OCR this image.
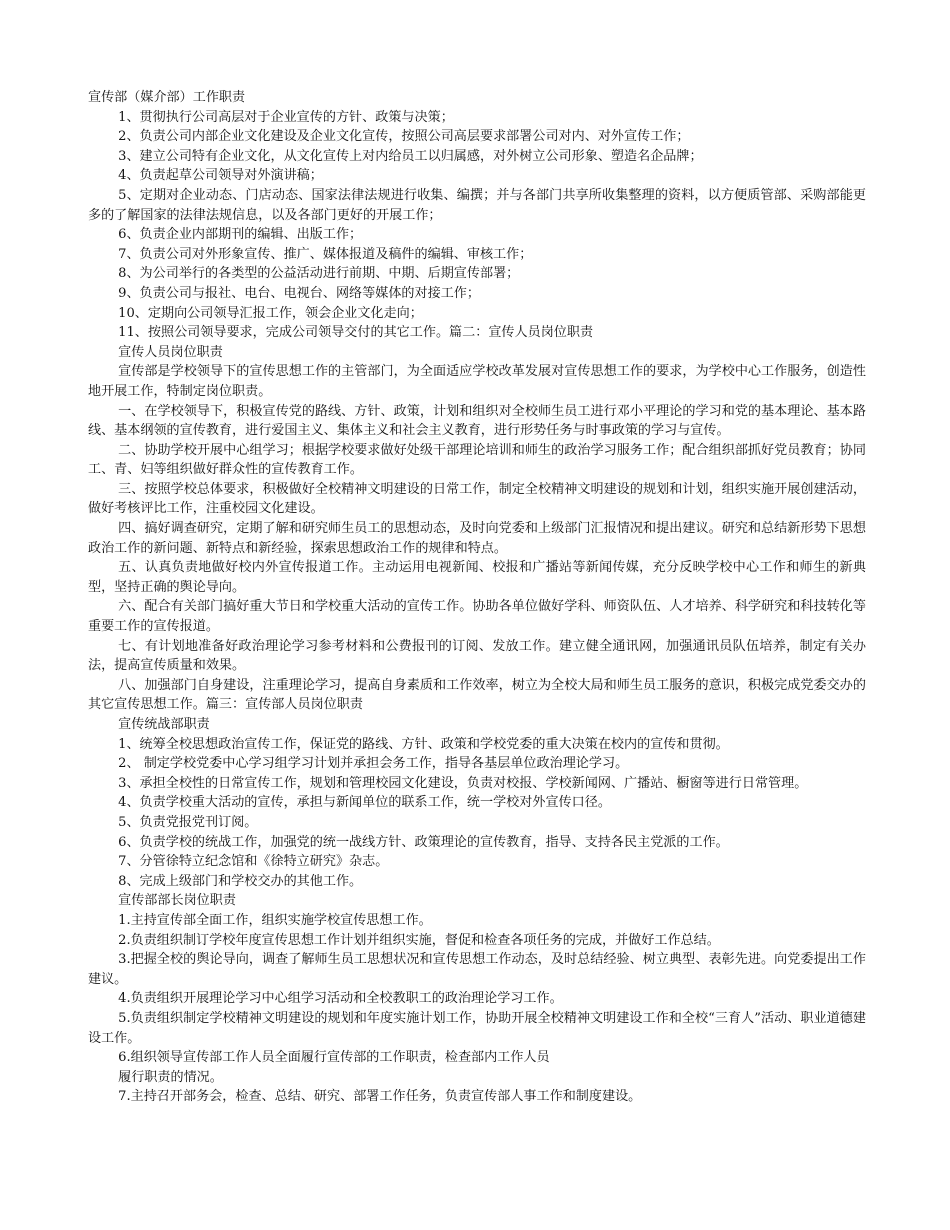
宣传部（媒介部）工作职责

1、贯彻执行公司高层对于企业宣传的方针、政策与决策；

2、负责公司内部企业文化建设及企业文化宣传，按照公司高层要求部署公司对内、对外宣传工作；

3、建立公司特有企业文化，从文化宣传上对内给员工以归属感，对外树立公司形象、塑造名企品牌；

4、负责起草公司领导对外演讲稿；

5、定期对企业动态、门店动态、国家法律法规进行收集、编撰；并与各部门共享所收集整理的资料，以方便质管部、采购部能更多的了解国家的法律法规信息，以及各部门更好的开展工作；

6、负责企业内部期刊的编辑、出版工作；

7、负责公司对外形象宣传、推广、媒体报道及稿件的编辑、审核工作；

8、为公司举行的各类型的公益活动进行前期、中期、后期宣传部署；

9、负责公司与报社、电台、电视台、网络等媒体的对接工作；

10、定期向公司领导汇报工作，领会企业文化走向；

11、按照公司领导要求，完成公司领导交付的其它工作。篇二：宣传人员岗位职责

宣传人员岗位职责

宣传部是学校领导下的宣传思想工作的主管部门，为全面适应学校改革发展对宣传思想工作的要求，为学校中心工作服务，创造性地开展工作，特制定岗位职责。

一、在学校领导下，积极宣传党的路线、方针、政策，计划和组织对全校师生员工进行邓小平理论的学习和党的基本理论、基本路线、基本纲领的宣传教育，进行爱国主义、集体主义和社会主义教育，进行形势任务与时事政策的学习与宣传。

二、协助学校开展中心组学习；根据学校要求做好处级干部理论培训和师生的政治学习服务工作；配合组织部抓好党员教育；协同工、青、妇等组织做好群众性的宣传教育工作。

三、按照学校总体要求，积极做好全校精神文明建设的日常工作，制定全校精神文明建设的规划和计划，组织实施开展创建活动，做好考核评比工作，注重校园文化建设。

四、搞好调查研究，定期了解和研究师生员工的思想动态，及时向党委和上级部门汇报情况和提出建议。研究和总结新形势下思想政治工作的新问题、新特点和新经验，探索思想政治工作的规律和特点。

五、认真负责地做好校内外宣传报道工作。主动运用电视新闻、校报和广播站等新闻传媒，充分反映学校中心工作和师生的新典型，坚持正确的舆论导向。

六、配合有关部门搞好重大节日和学校重大活动的宣传工作。协助各单位做好学科、师资队伍、人才培养、科学研究和科技转化等重要工作的宣传报道。

七、有计划地准备好政治理论学习参考材料和公费报刊的订阅、发放工作。建立健全通讯网，加强通讯员队伍培养，制定有关办法，提高宣传质量和效果。

八、加强部门自身建设，注重理论学习，提高自身素质和工作效率，树立为全校大局和师生员工服务的意识，积极完成党委交办的其它宣传思想工作。篇三：宣传部人员岗位职责

宣传统战部职责

1、统筹全校思想政治宣传工作，保证党的路线、方针、政策和学校党委的重大决策在校内的宣传和贯彻。

2、 制定学校党委中心学习组学习计划并承担会务工作，指导各基层单位政治理论学习。

3、承担全校性的日常宣传工作，规划和管理校园文化建设，负责对校报、学校新闻网、广播站、橱窗等进行日常管理。

4、负责学校重大活动的宣传，承担与新闻单位的联系工作，统一学校对外宣传口径。

5、负责党报党刊订阅。

6、负责学校的统战工作，加强党的统一战线方针、政策理论的宣传教育，指导、支持各民主党派的工作。

7、分管徐特立纪念馆和《徐特立研究》杂志。

8、完成上级部门和学校交办的其他工作。

宣传部部长岗位职责

1.主持宣传部全面工作，组织实施学校宣传思想工作。

2.负责组织制订学校年度宣传思想工作计划并组织实施，督促和检查各项任务的完成，并做好工作总结。

3.把握全校的舆论导向，调查了解师生员工思想状况和宣传思想工作动态，及时总结经验、树立典型、表彰先进。向党委提出工作建议。

4.负责组织开展理论学习中心组学习活动和全校教职工的政治理论学习工作。

5.负责组织制定学校精神文明建设的规划和年度实施计划工作，协助开展全校精神文明建设工作和全校“三育人”活动、职业道德建设工作。

6.组织领导宣传部工作人员全面履行宣传部的工作职责，检查部内工作人员

履行职责的情况。

7.主持召开部务会，检查、总结、研究、部署工作任务，负责宣传部人事工作和制度建设。
